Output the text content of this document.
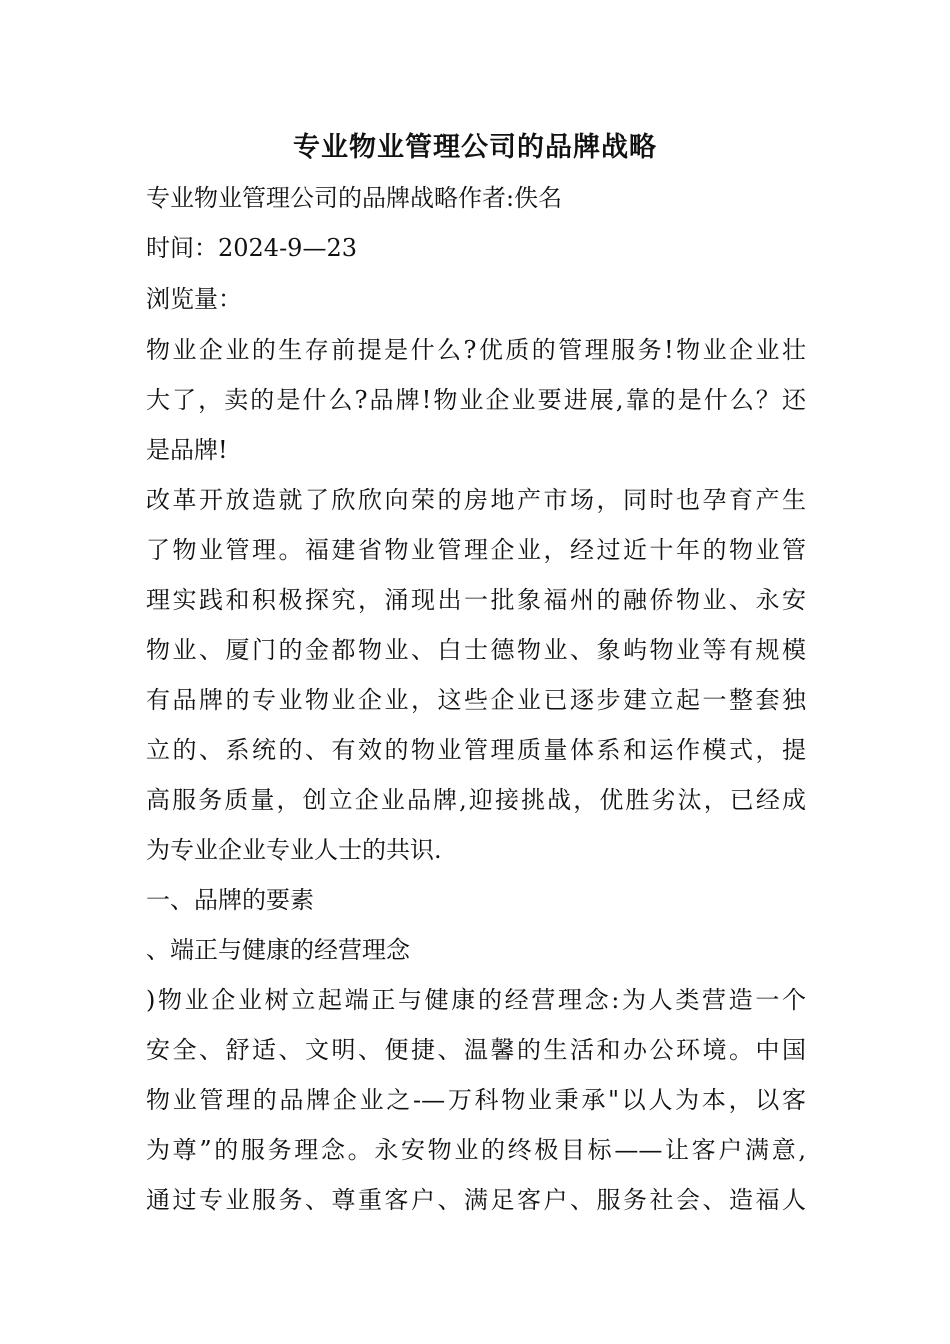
专业物业管理公司的品牌战略
专业物业管理公司的品牌战略作者:佚名
时间：2024-9—23
浏览量：
物业企业的生存前提是什么?优质的管理服务!物业企业壮
大了，卖的是什么?品牌!物业企业要进展,靠的是什么？还
是品牌!
改革开放造就了欣欣向荣的房地产市场，同时也孕育产生
了物业管理。福建省物业管理企业，经过近十年的物业管
理实践和积极探究，涌现出一批象福州的融侨物业、永安
物业、厦门的金都物业、白士德物业、象屿物业等有规模
有品牌的专业物业企业，这些企业已逐步建立起一整套独
立的、系统的、有效的物业管理质量体系和运作模式，提
高服务质量，创立企业品牌,迎接挑战，优胜劣汰，已经成
为专业企业专业人士的共识.
一、品牌的要素
、端正与健康的经营理念
)物业企业树立起端正与健康的经营理念:为人类营造一个
安全、舒适、文明、便捷、温馨的生活和办公环境。中国
物业管理的品牌企业之-—万科物业秉承"以人为本，以客
为尊”的服务理念。永安物业的终极目标——让客户满意,
通过专业服务、尊重客户、满足客户、服务社会、造福人
